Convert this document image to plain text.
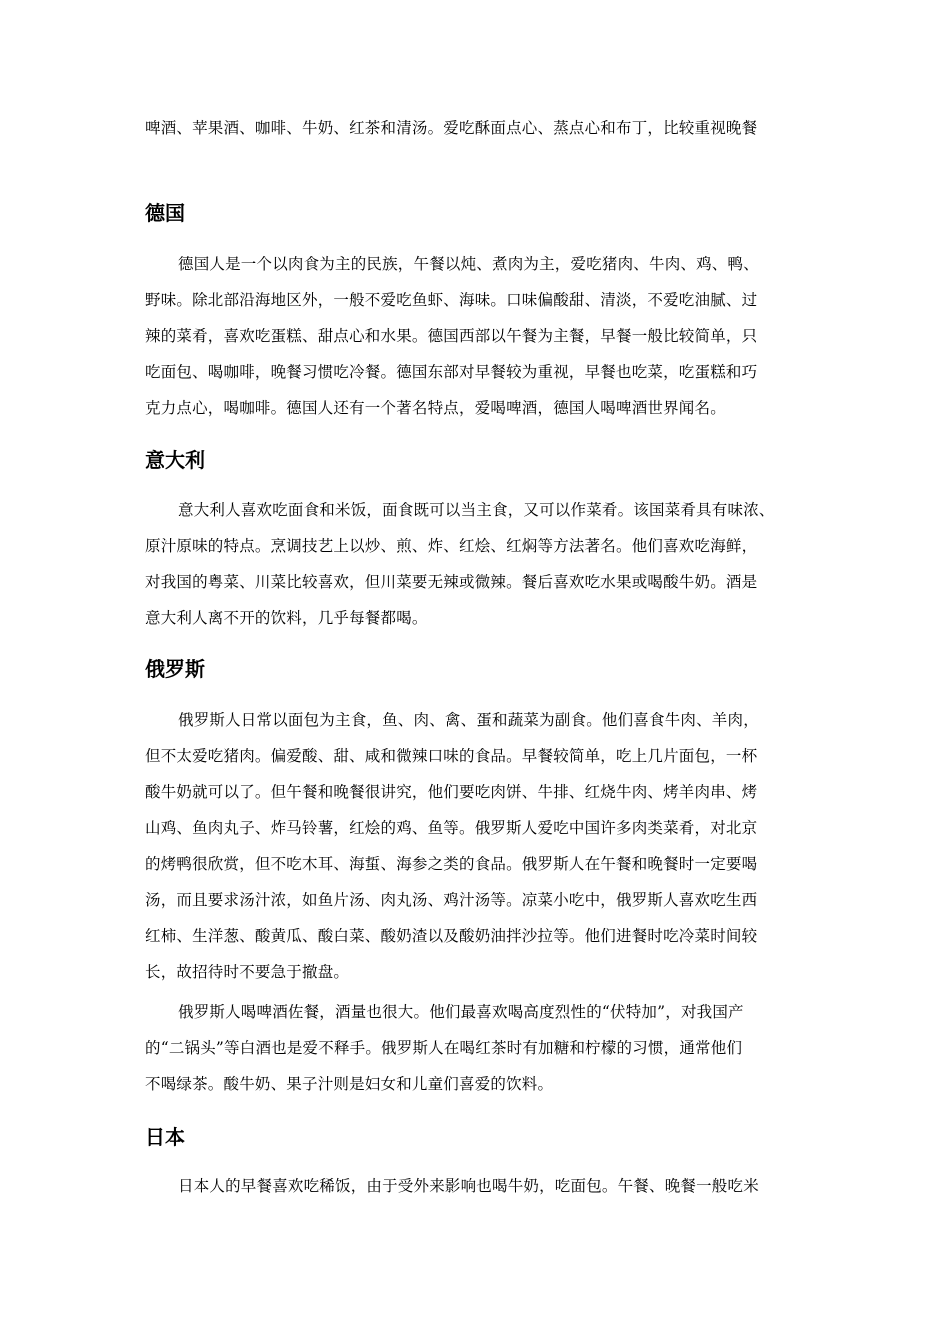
啤酒、苹果酒、咖啡、牛奶、红茶和清汤。爱吃酥面点心、蒸点心和布丁，比较重视晚餐
德国
德国人是一个以肉食为主的民族，午餐以炖、煮肉为主，爱吃猪肉、牛肉、鸡、鸭、
野味。除北部沿海地区外，一般不爱吃鱼虾、海味。口味偏酸甜、清淡，不爱吃油腻、过
辣的菜肴，喜欢吃蛋糕、甜点心和水果。德国西部以午餐为主餐，早餐一般比较简单，只
吃面包、喝咖啡，晚餐习惯吃冷餐。德国东部对早餐较为重视，早餐也吃菜，吃蛋糕和巧
克力点心，喝咖啡。德国人还有一个著名特点，爱喝啤酒，德国人喝啤酒世界闻名。
意大利
意大利人喜欢吃面食和米饭，面食既可以当主食，又可以作菜肴。该国菜肴具有味浓、
原汁原味的特点。烹调技艺上以炒、煎、炸、红烩、红焖等方法著名。他们喜欢吃海鲜，
对我国的粤菜、川菜比较喜欢，但川菜要无辣或微辣。餐后喜欢吃水果或喝酸牛奶。酒是
意大利人离不开的饮料，几乎每餐都喝。
俄罗斯
俄罗斯人日常以面包为主食，鱼、肉、禽、蛋和蔬菜为副食。他们喜食牛肉、羊肉，
但不太爱吃猪肉。偏爱酸、甜、咸和微辣口味的食品。早餐较简单，吃上几片面包，一杯
酸牛奶就可以了。但午餐和晚餐很讲究，他们要吃肉饼、牛排、红烧牛肉、烤羊肉串、烤
山鸡、鱼肉丸子、炸马铃薯，红烩的鸡、鱼等。俄罗斯人爱吃中国许多肉类菜肴，对北京
的烤鸭很欣赏，但不吃木耳、海蜇、海参之类的食品。俄罗斯人在午餐和晚餐时一定要喝
汤，而且要求汤汁浓，如鱼片汤、肉丸汤、鸡汁汤等。凉菜小吃中，俄罗斯人喜欢吃生西
红柿、生洋葱、酸黄瓜、酸白菜、酸奶渣以及酸奶油拌沙拉等。他们进餐时吃冷菜时间较
长，故招待时不要急于撤盘。
俄罗斯人喝啤酒佐餐，酒量也很大。他们最喜欢喝高度烈性的“伏特加”，对我国产
的“二锅头”等白酒也是爱不释手。俄罗斯人在喝红茶时有加糖和柠檬的习惯，通常他们
不喝绿茶。酸牛奶、果子汁则是妇女和儿童们喜爱的饮料。
日本
日本人的早餐喜欢吃稀饭，由于受外来影响也喝牛奶，吃面包。午餐、晚餐一般吃米
